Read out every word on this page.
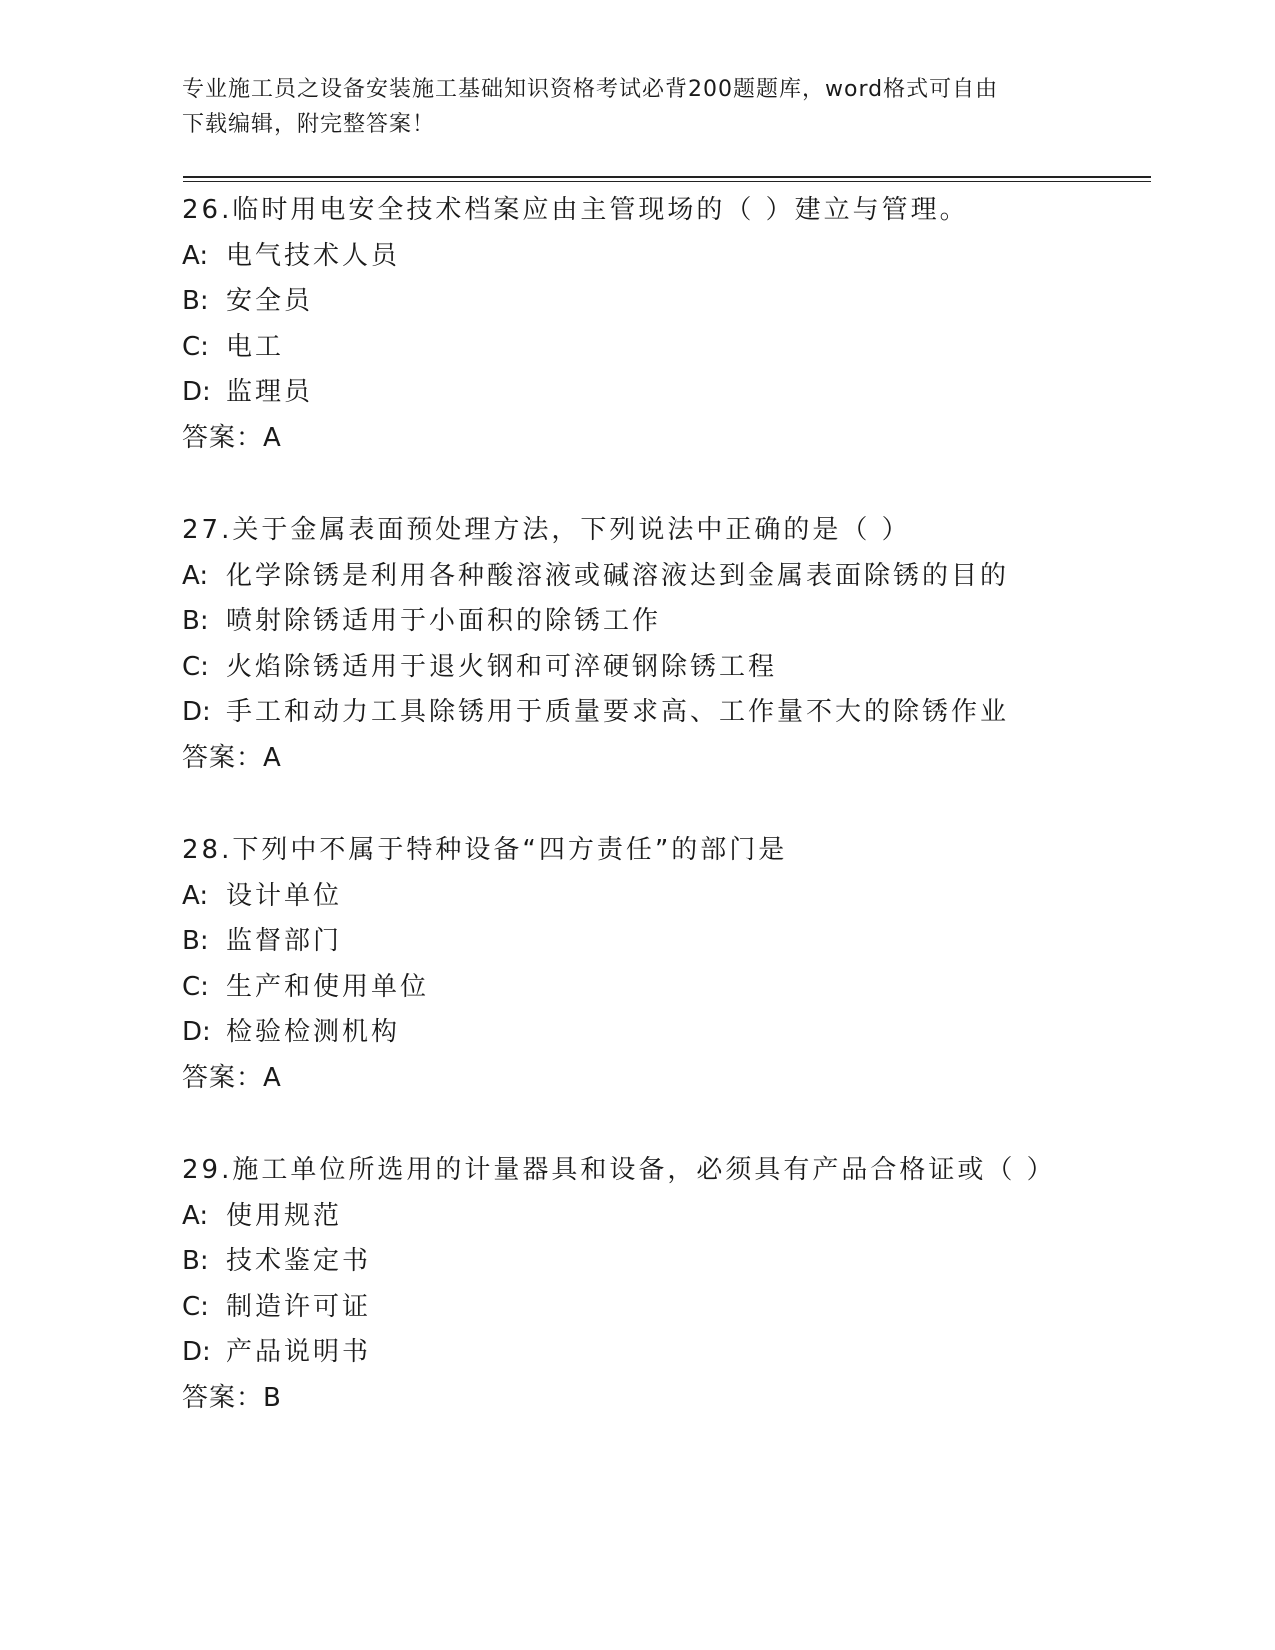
专业施工员之设备安装施工基础知识资格考试必背200题题库，word格式可自由
下载编辑，附完整答案！
26.临时用电安全技术档案应由主管现场的（ ）建立与管理。
A: 电气技术人员
B: 安全员
C: 电工
D: 监理员
答案：A
27.关于金属表面预处理方法，下列说法中正确的是（ ）
A: 化学除锈是利用各种酸溶液或碱溶液达到金属表面除锈的目的
B: 喷射除锈适用于小面积的除锈工作
C: 火焰除锈适用于退火钢和可淬硬钢除锈工程
D: 手工和动力工具除锈用于质量要求高、工作量不大的除锈作业
答案：A
28.下列中不属于特种设备“四方责任”的部门是
A: 设计单位
B: 监督部门
C: 生产和使用单位
D: 检验检测机构
答案：A
29.施工单位所选用的计量器具和设备，必须具有产品合格证或（ ）
A: 使用规范
B: 技术鉴定书
C: 制造许可证
D: 产品说明书
答案：B
